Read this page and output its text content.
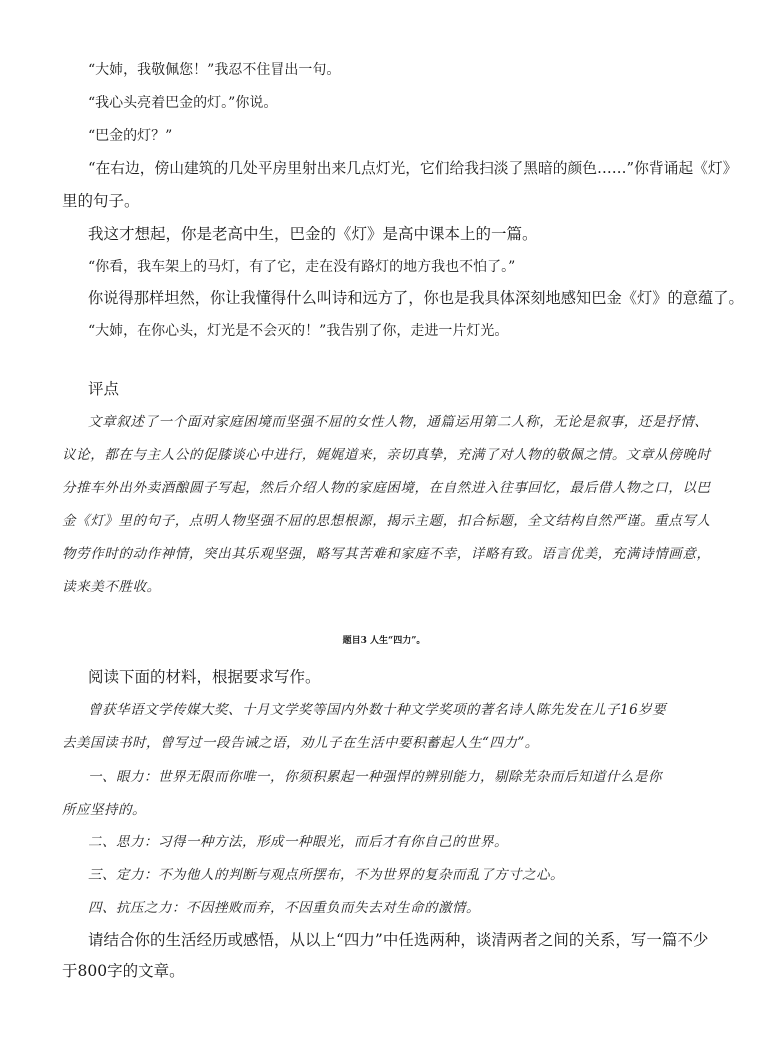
“大姉，我敬佩您！”我忍不住冒出一句。
“我心头亮着巴金的灯。”你说。
“巴金的灯？”
“在右边，傍山建筑的几处平房里射出来几点灯光，它们给我扫淡了黑暗的颜色……”你背诵起《灯》
里的句子。
我这才想起，你是老高中生，巴金的《灯》是高中课本上的一篇。
“你看，我车架上的马灯，有了它，走在没有路灯的地方我也不怕了。”
你说得那样坦然，你让我懂得什么叫诗和远方了，你也是我具体深刻地感知巴金《灯》的意蕴了。
“大姉，在你心头，灯光是不会灭的！”我告别了你，走进一片灯光。
评点
文章叙述了一个面对家庭困境而坚强不屈的女性人物，通篇运用第二人称，无论是叙事，还是抒情、
议论，都在与主人公的促膝谈心中进行，娓娓道来，亲切真挚，充满了对人物的敬佩之情。文章从傍晚时
分推车外出外卖酒酿圆子写起，然后介绍人物的家庭困境，在自然进入往事回忆，最后借人物之口，以巴
金《灯》里的句子，点明人物坚强不屈的思想根源，揭示主题，扣合标题，全文结构自然严谨。重点写人
物劳作时的动作神情，突出其乐观坚强，略写其苦难和家庭不幸，详略有致。语言优美，充满诗情画意，
读来美不胜收。
题目3 人生“四力”。
阅读下面的材料，根据要求写作。
曾获华语文学传媒大奖、十月文学奖等国内外数十种文学奖项的著名诗人陈先发在儿子16岁要
去美国读书时，曾写过一段告诫之语，劝儿子在生活中要积蓄起人生“四力”。
一、眼力：世界无限而你唯一，你须积累起一种强悍的辨别能力，剔除芜杂而后知道什么是你
所应坚持的。
二、思力：习得一种方法，形成一种眼光，而后才有你自己的世界。
三、定力：不为他人的判断与观点所摆布，不为世界的复杂而乱了方寸之心。
四、抗压之力：不因挫败而弃，不因重负而失去对生命的激情。
请结合你的生活经历或感悟，从以上“四力”中任选两种，谈清两者之间的关系，写一篇不少
于800字的文章。
